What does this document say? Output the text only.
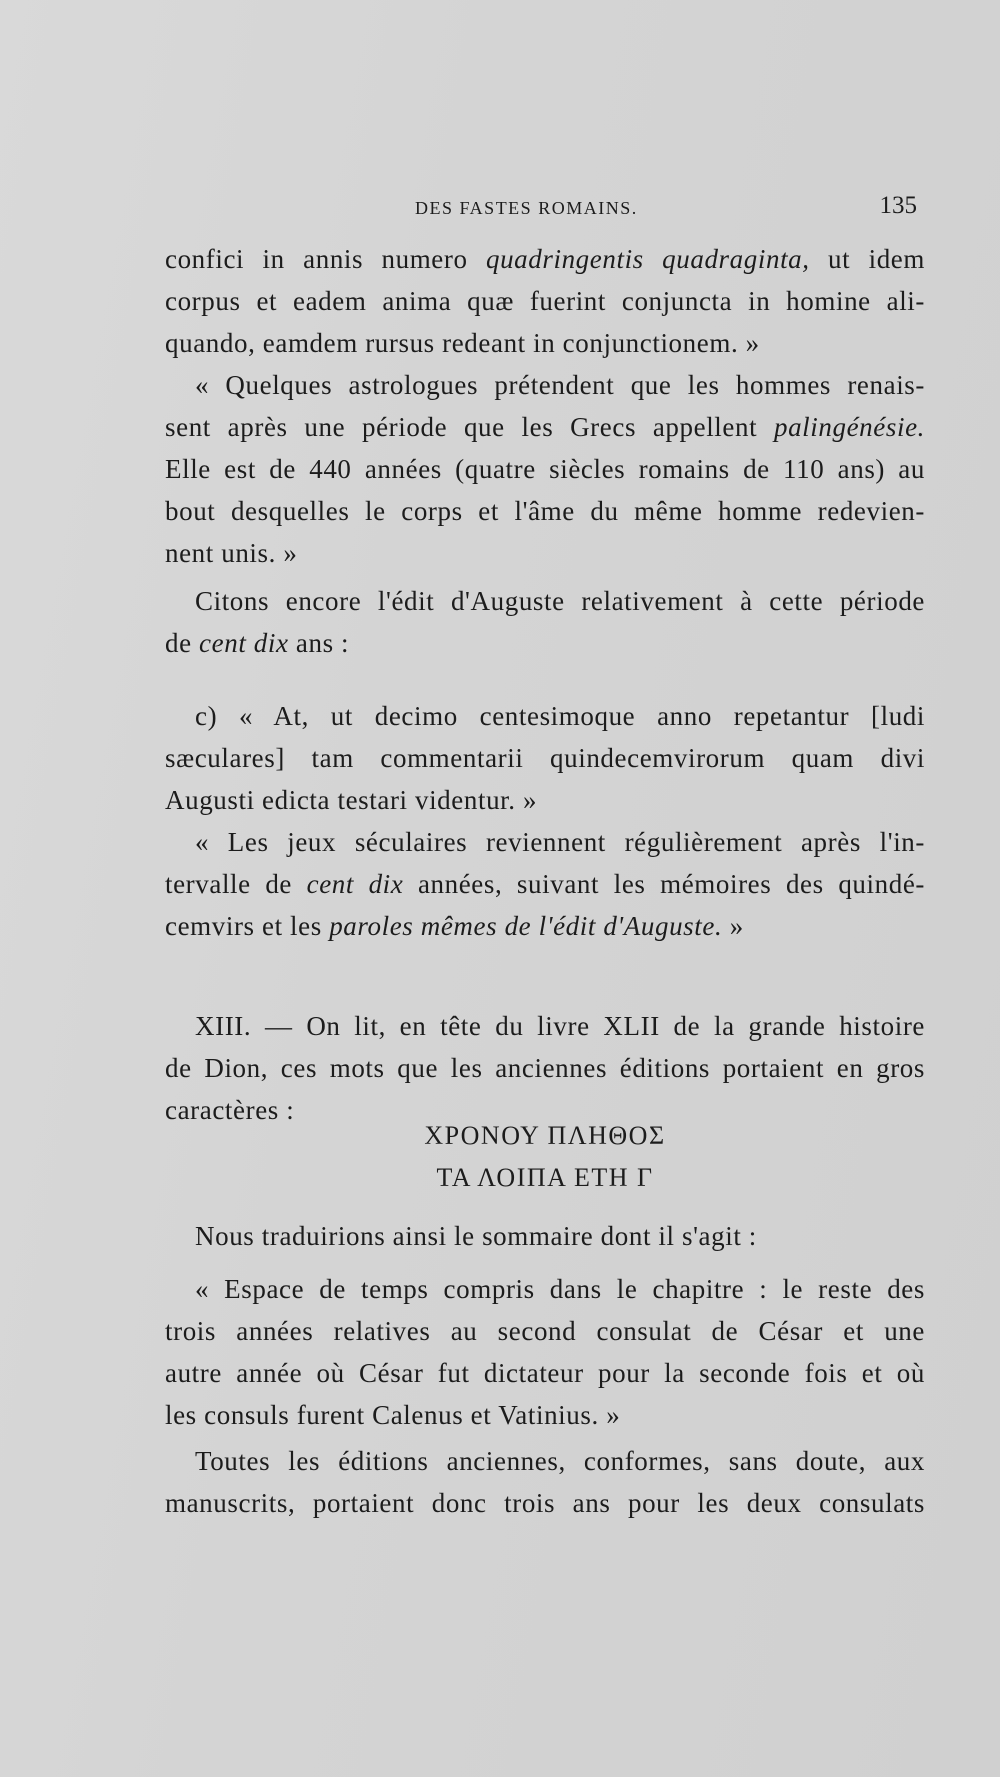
DES FASTES ROMAINS.	135
confici in annis numero quadringentis quadraginta, ut idem
corpus et eadem anima quæ fuerint conjuncta in homine ali-
quando, eamdem rursus redeant in conjunctionem. »
« Quelques astrologues prétendent que les hommes renais-
sent après une période que les Grecs appellent palingénésie.
Elle est de 440 années (quatre siècles romains de 110 ans) au
bout desquelles le corps et l'âme du même homme redevien-
nent unis. »
Citons encore l'édit d'Auguste relativement à cette période
de cent dix ans :
c) « At, ut decimo centesimoque anno repetantur [ludi
sæculares] tam commentarii quindecemvirorum quam divi
Augusti edicta testari videntur. »
« Les jeux séculaires reviennent régulièrement après l'in-
tervalle de cent dix années, suivant les mémoires des quindé-
cemvirs et les paroles mêmes de l'édit d'Auguste. »
XIII. — On lit, en tête du livre XLII de la grande histoire
de Dion, ces mots que les anciennes éditions portaient en gros
caractères :
ΧΡΟΝΟΥ ΠΛΗΘΟΣ
ΤΑ ΛΟΙΠΑ ΕΤΗ Γ
Nous traduirions ainsi le sommaire dont il s'agit :
« Espace de temps compris dans le chapitre : le reste des
trois années relatives au second consulat de César et une
autre année où César fut dictateur pour la seconde fois et où
les consuls furent Calenus et Vatinius. »
Toutes les éditions anciennes, conformes, sans doute, aux
manuscrits, portaient donc trois ans pour les deux consulats
